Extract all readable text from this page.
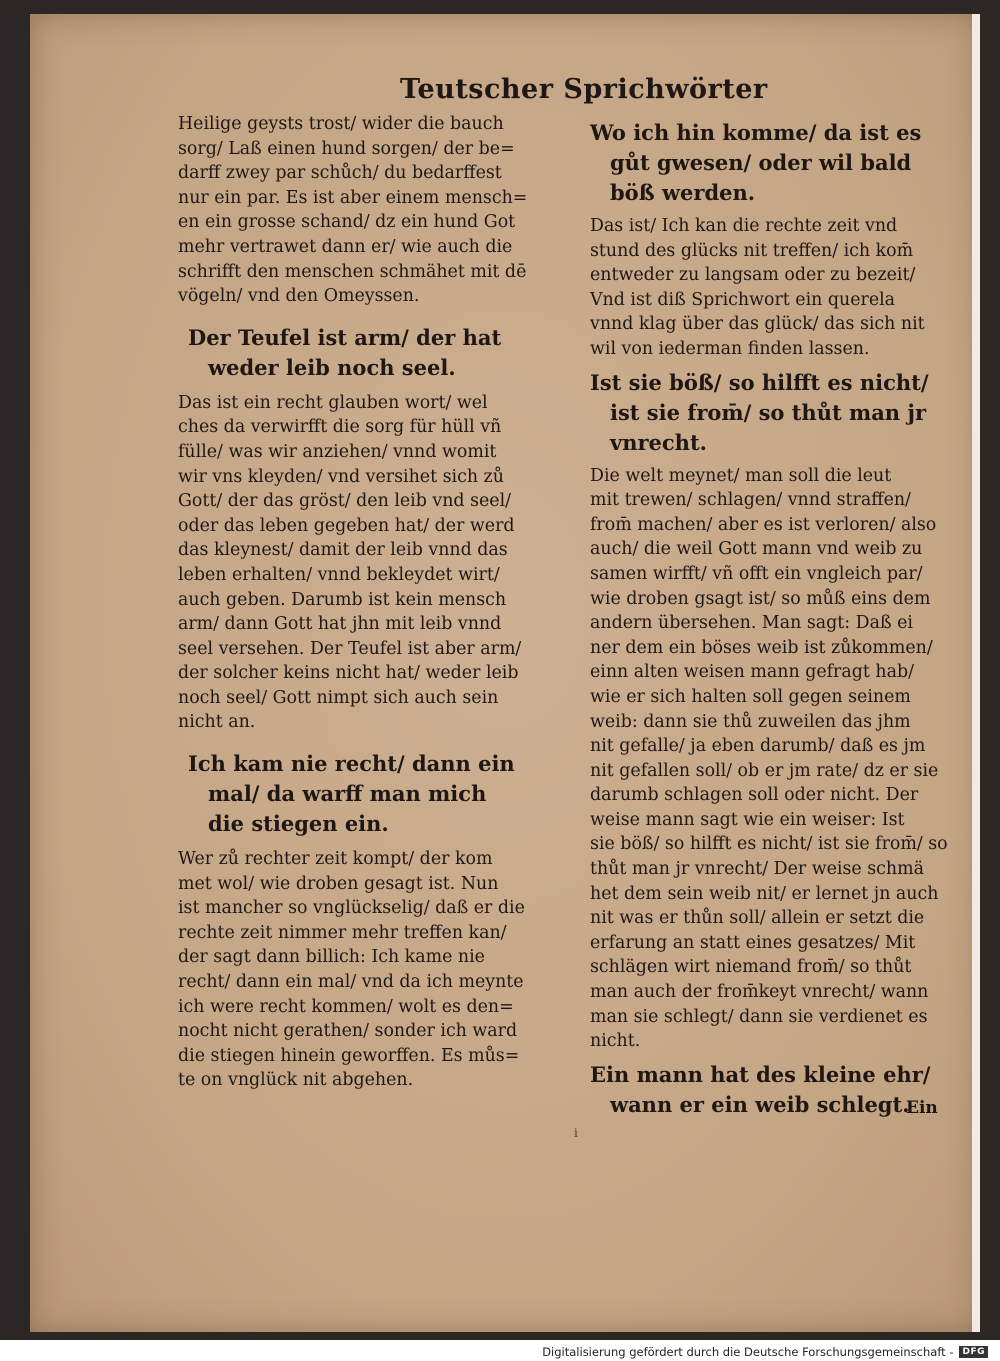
Teutscher Sprichwörter

Heilige geysts trost/ wider die bauch
sorg/ Laß einen hund sorgen/ der be=
darff zwey par schůch/ du bedarffest
nur ein par. Es ist aber einem mensch=
en ein grosse schand/ dz ein hund Got
mehr vertrawet dann er/ wie auch die
schrifft den menschen schmähet mit dē
vögeln/ vnd den Omeyssen.

Der Teufel ist arm/ der hat
weder leib noch seel.

Das ist ein recht glauben wort/ wel
ches da verwirfft die sorg für hüll vñ
fülle/ was wir anziehen/ vnnd womit
wir vns kleyden/ vnd versihet sich zů
Gott/ der das gröst/ den leib vnd seel/
oder das leben gegeben hat/ der werd
das kleynest/ damit der leib vnnd das
leben erhalten/ vnnd bekleydet wirt/
auch geben. Darumb ist kein mensch
arm/ dann Gott hat jhn mit leib vnnd
seel versehen. Der Teufel ist aber arm/
der solcher keins nicht hat/ weder leib
noch seel/ Gott nimpt sich auch sein
nicht an.

Ich kam nie recht/ dann ein
mal/ da warff man mich
die stiegen ein.

Wer zů rechter zeit kompt/ der kom
met wol/ wie droben gesagt ist. Nun
ist mancher so vnglückselig/ daß er die
rechte zeit nimmer mehr treffen kan/
der sagt dann billich: Ich kame nie
recht/ dann ein mal/ vnd da ich meynte
ich were recht kommen/ wolt es den=
nocht nicht gerathen/ sonder ich ward
die stiegen hinein geworffen. Es můs=
te on vnglück nit abgehen.

Wo ich hin komme/ da ist es
gůt gwesen/ oder wil bald
böß werden.

Das ist/ Ich kan die rechte zeit vnd
stund des glücks nit treffen/ ich kom̄
entweder zu langsam oder zu bezeit/
Vnd ist diß Sprichwort ein querela
vnnd klag über das glück/ das sich nit
wil von iederman finden lassen.

Ist sie böß/ so hilfft es nicht/
ist sie from̄/ so thůt man jr
vnrecht.

Die welt meynet/ man soll die leut
mit trewen/ schlagen/ vnnd straffen/
from̄ machen/ aber es ist verloren/ also
auch/ die weil Gott mann vnd weib zu
samen wirfft/ vñ offt ein vngleich par/
wie droben gsagt ist/ so můß eins dem
andern übersehen. Man sagt: Daß ei
ner dem ein böses weib ist zůkommen/
einn alten weisen mann gefragt hab/
wie er sich halten soll gegen seinem
weib: dann sie thů zuweilen das jhm
nit gefalle/ ja eben darumb/ daß es jm
nit gefallen soll/ ob er jm rate/ dz er sie
darumb schlagen soll oder nicht. Der
weise mann sagt wie ein weiser: Ist
sie böß/ so hilfft es nicht/ ist sie from̄/ so
thůt man jr vnrecht/ Der weise schmä
het dem sein weib nit/ er lernet jn auch
nit was er thůn soll/ allein er setzt die
erfarung an statt eines gesatzes/ Mit
schlägen wirt niemand from̄/ so thůt
man auch der from̄keyt vnrecht/ wann
man sie schlegt/ dann sie verdienet es
nicht.

Ein mann hat des kleine ehr/
wann er ein weib schlegt.
Ein
i
Digitalisierung gefördert durch die Deutsche Forschungsgemeinschaft -	DFG
